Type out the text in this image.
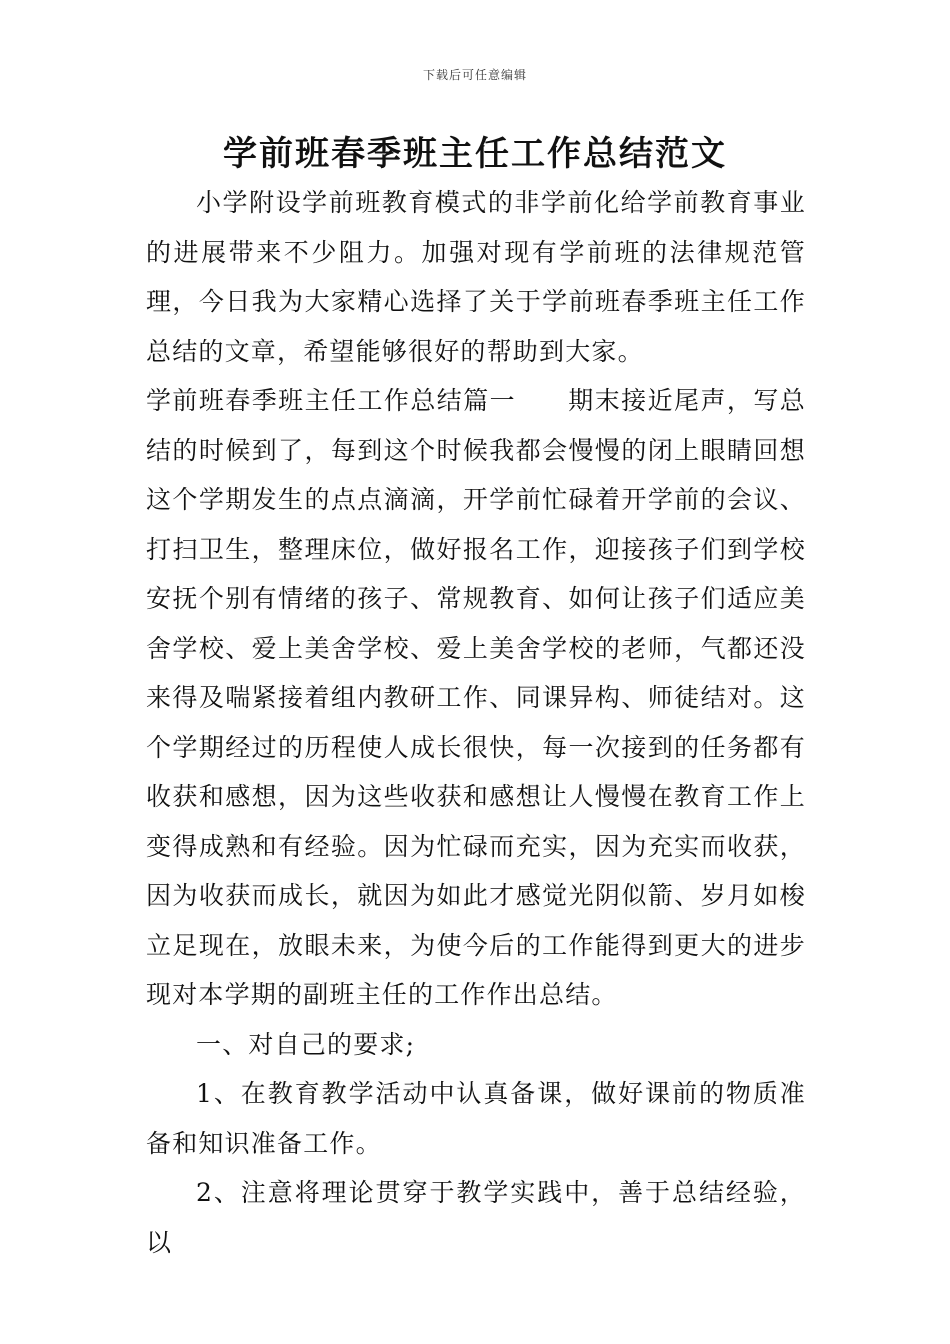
下载后可任意编辑
学前班春季班主任工作总结范文

小学附设学前班教育模式的非学前化给学前教育事业的进展带来不少阻力。加强对现有学前班的法律规范管理，今日我为大家精心选择了关于学前班春季班主任工作总结的文章，希望能够很好的帮助到大家。

学前班春季班主任工作总结篇一 期末接近尾声，写总结的时候到了，每到这个时候我都会慢慢的闭上眼睛回想这个学期发生的点点滴滴，开学前忙碌着开学前的会议、打扫卫生，整理床位，做好报名工作，迎接孩子们到学校安抚个别有情绪的孩子、常规教育、如何让孩子们适应美舍学校、爱上美舍学校、爱上美舍学校的老师，气都还没来得及喘紧接着组内教研工作、同课异构、师徒结对。这个学期经过的历程使人成长很快，每一次接到的任务都有收获和感想，因为这些收获和感想让人慢慢在教育工作上变得成熟和有经验。因为忙碌而充实，因为充实而收获，因为收获而成长，就因为如此才感觉光阴似箭、岁月如梭立足现在，放眼未来，为使今后的工作能得到更大的进步现对本学期的副班主任的工作作出总结。

一、对自己的要求;

1、在教育教学活动中认真备课，做好课前的物质准备和知识准备工作。

2、注意将理论贯穿于教学实践中，善于总结经验，以
